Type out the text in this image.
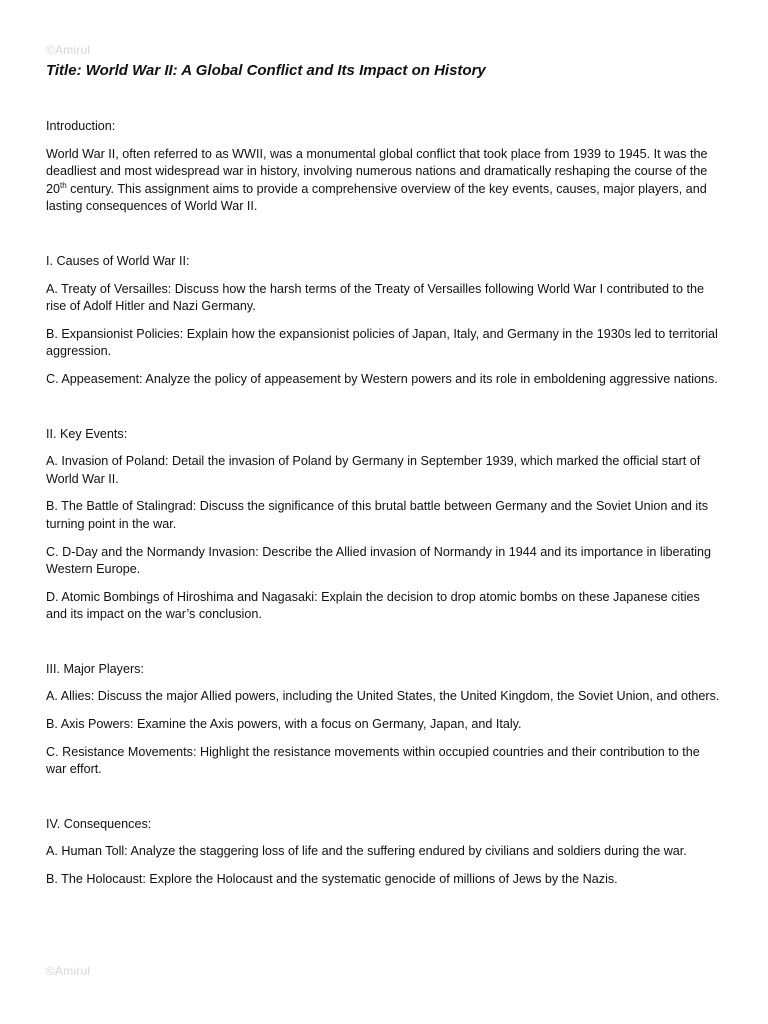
©Amirul
Title: World War II: A Global Conflict and Its Impact on History

Introduction:

World War II, often referred to as WWII, was a monumental global conflict that took place from 1939 to 1945. It was the deadliest and most widespread war in history, involving numerous nations and dramatically reshaping the course of the 20th century. This assignment aims to provide a comprehensive overview of the key events, causes, major players, and lasting consequences of World War II.

I. Causes of World War II:

A. Treaty of Versailles: Discuss how the harsh terms of the Treaty of Versailles following World War I contributed to the rise of Adolf Hitler and Nazi Germany.

B. Expansionist Policies: Explain how the expansionist policies of Japan, Italy, and Germany in the 1930s led to territorial aggression.

C. Appeasement: Analyze the policy of appeasement by Western powers and its role in emboldening aggressive nations.

II. Key Events:

A. Invasion of Poland: Detail the invasion of Poland by Germany in September 1939, which marked the official start of World War II.

B. The Battle of Stalingrad: Discuss the significance of this brutal battle between Germany and the Soviet Union and its turning point in the war.

C. D-Day and the Normandy Invasion: Describe the Allied invasion of Normandy in 1944 and its importance in liberating Western Europe.

D. Atomic Bombings of Hiroshima and Nagasaki: Explain the decision to drop atomic bombs on these Japanese cities and its impact on the war’s conclusion.

III. Major Players:

A. Allies: Discuss the major Allied powers, including the United States, the United Kingdom, the Soviet Union, and others.

B. Axis Powers: Examine the Axis powers, with a focus on Germany, Japan, and Italy.

C. Resistance Movements: Highlight the resistance movements within occupied countries and their contribution to the war effort.

IV. Consequences:

A. Human Toll: Analyze the staggering loss of life and the suffering endured by civilians and soldiers during the war.

B. The Holocaust: Explore the Holocaust and the systematic genocide of millions of Jews by the Nazis.

©Amirul
